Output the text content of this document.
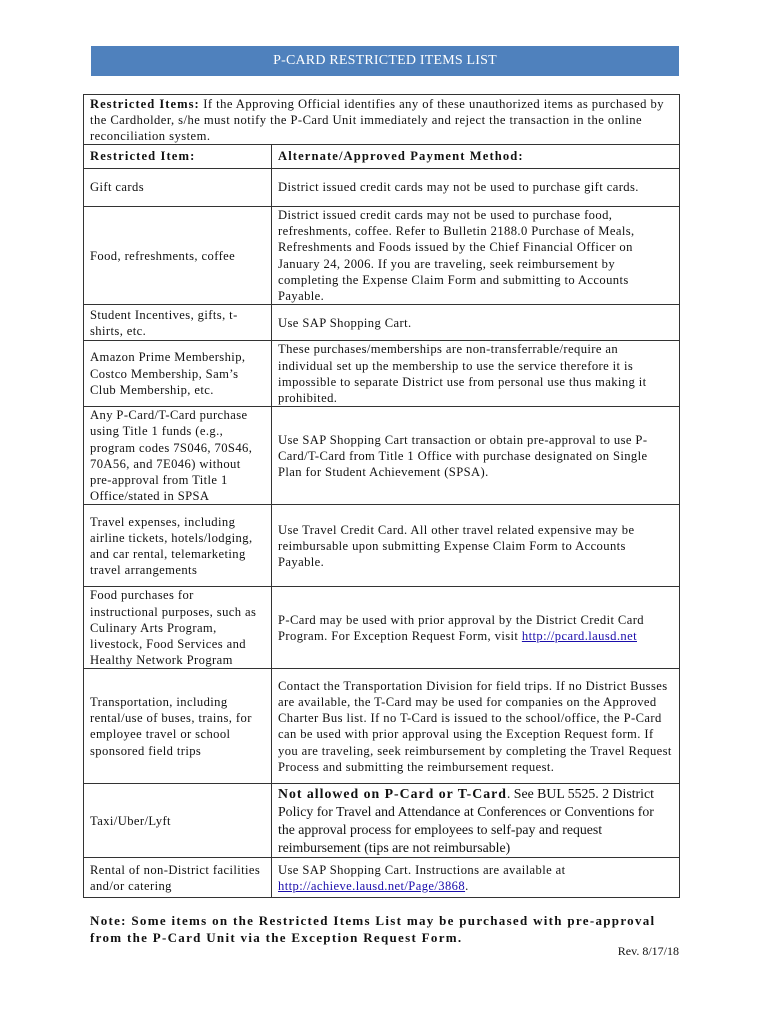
P-CARD RESTRICTED ITEMS LIST
Restricted Items: If the Approving Official identifies any of these unauthorized items as purchased by the Cardholder, s/he must notify the P-Card Unit immediately and reject the transaction in the online reconciliation system.
Restricted Item:	Alternate/Approved Payment Method:
Gift cards	District issued credit cards may not be used to purchase gift cards.
Food, refreshments, coffee	District issued credit cards may not be used to purchase food, refreshments, coffee. Refer to Bulletin 2188.0 Purchase of Meals, Refreshments and Foods issued by the Chief Financial Officer on January 24, 2006. If you are traveling, seek reimbursement by completing the Expense Claim Form and submitting to Accounts Payable.
Student Incentives, gifts, t-shirts, etc.	Use SAP Shopping Cart.
Amazon Prime Membership, Costco Membership, Sam’s Club Membership, etc.	These purchases/memberships are non-transferrable/require an individual set up the membership to use the service therefore it is impossible to separate District use from personal use thus making it prohibited.
Any P-Card/T-Card purchase using Title 1 funds (e.g., program codes 7S046, 70S46, 70A56, and 7E046) without pre-approval from Title 1 Office/stated in SPSA	Use SAP Shopping Cart transaction or obtain pre-approval to use P-Card/T-Card from Title 1 Office with purchase designated on Single Plan for Student Achievement (SPSA).
Travel expenses, including airline tickets, hotels/lodging, and car rental, telemarketing travel arrangements	Use Travel Credit Card. All other travel related expensive may be reimbursable upon submitting Expense Claim Form to Accounts Payable.
Food purchases for instructional purposes, such as Culinary Arts Program, livestock, Food Services and Healthy Network Program	P-Card may be used with prior approval by the District Credit Card Program. For Exception Request Form, visit http://pcard.lausd.net
Transportation, including rental/use of buses, trains, for employee travel or school sponsored field trips	Contact the Transportation Division for field trips. If no District Busses are available, the T-Card may be used for companies on the Approved Charter Bus list. If no T-Card is issued to the school/office, the P-Card can be used with prior approval using the Exception Request form. If you are traveling, seek reimbursement by completing the Travel Request Process and submitting the reimbursement request.
Taxi/Uber/Lyft	Not allowed on P-Card or T-Card. See BUL 5525. 2 District Policy for Travel and Attendance at Conferences or Conventions for the approval process for employees to self-pay and request reimbursement (tips are not reimbursable)
Rental of non-District facilities and/or catering	Use SAP Shopping Cart. Instructions are available at http://achieve.lausd.net/Page/3868.
Note: Some items on the Restricted Items List may be purchased with pre-approval from the P-Card Unit via the Exception Request Form.
Rev. 8/17/18
